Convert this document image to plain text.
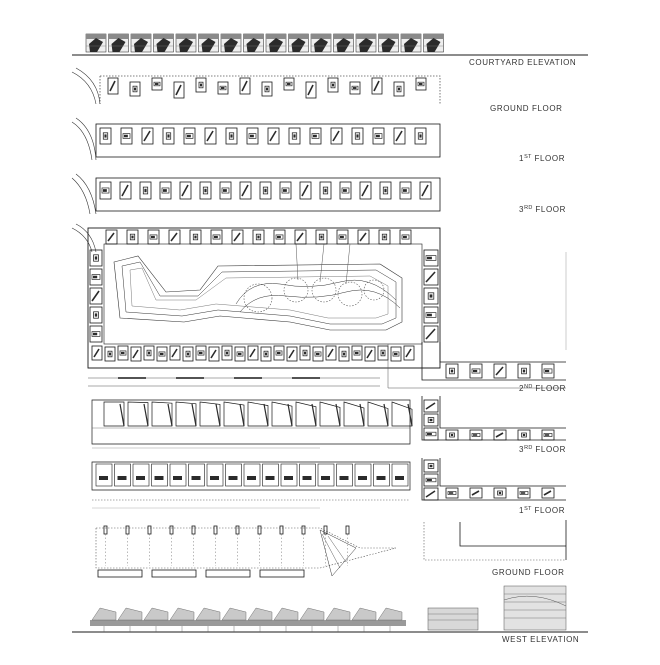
COURTYARD ELEVATION
GROUND FLOOR
1ST FLOOR
3RD FLOOR
2ND FLOOR
3RD FLOOR
1ST FLOOR
GROUND FLOOR
WEST ELEVATION
